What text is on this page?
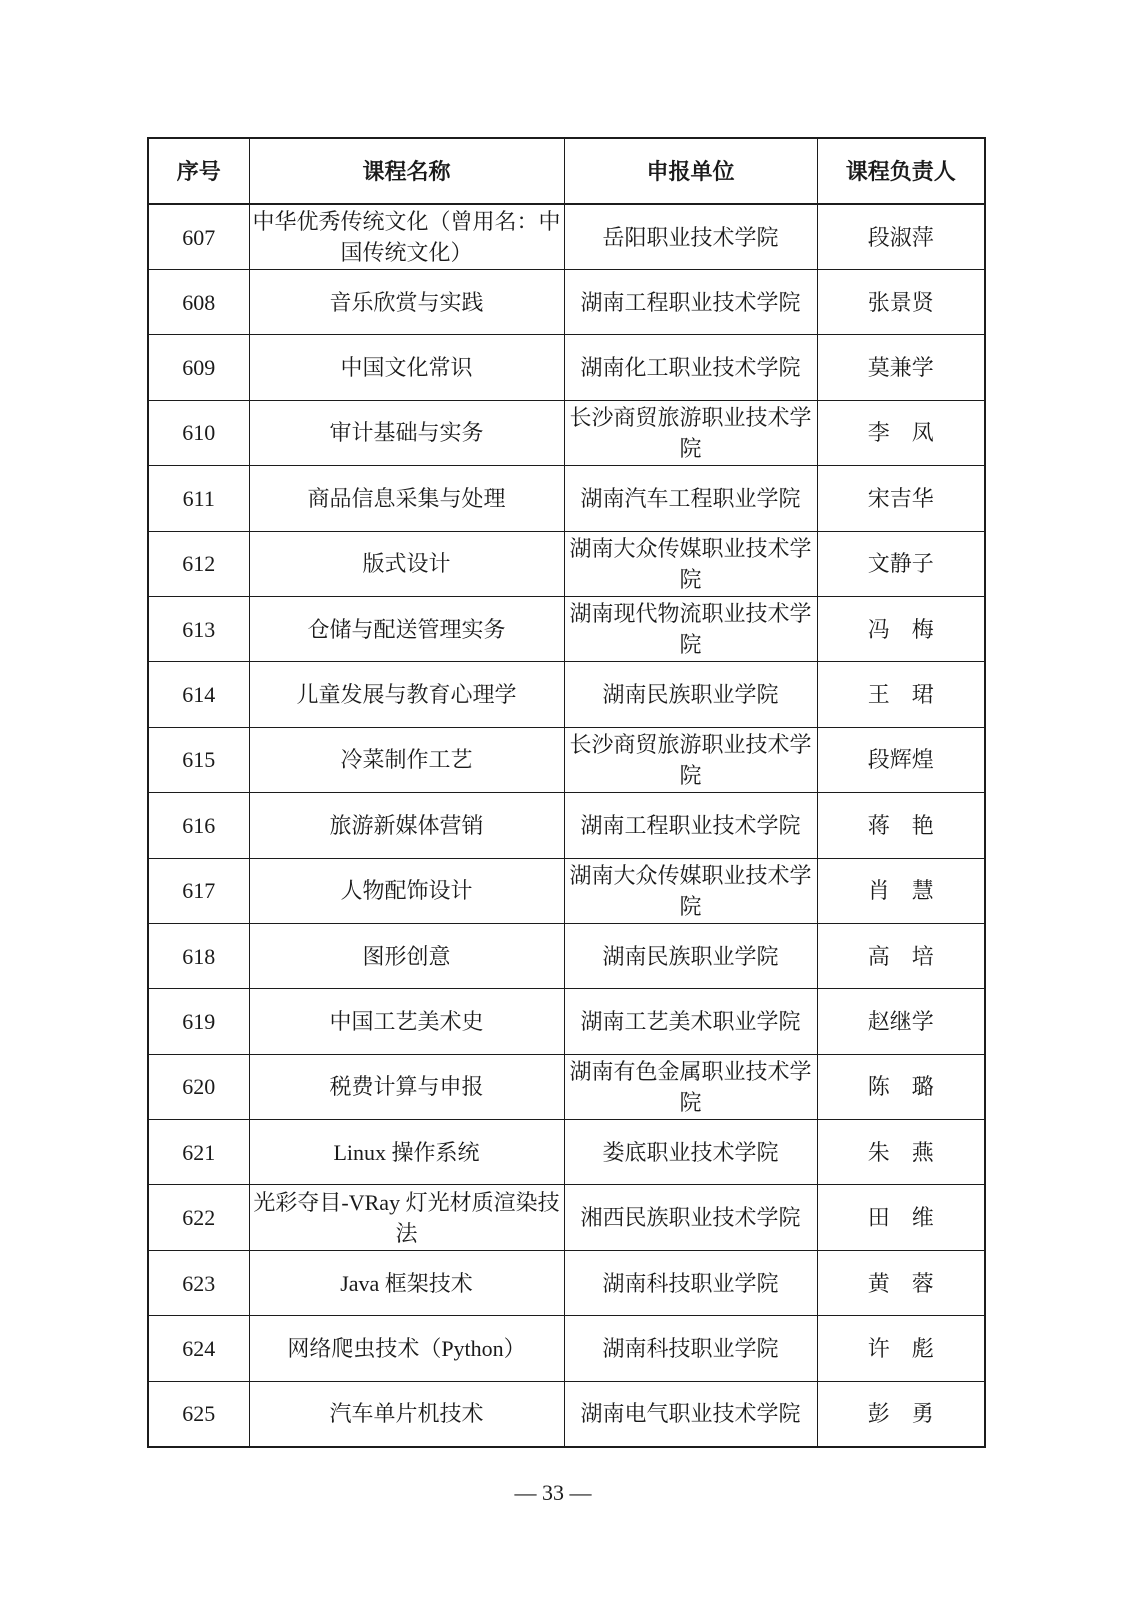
序号	课程名称	申报单位	课程负责人
607	中华优秀传统文化（曾用名：中国传统文化）	岳阳职业技术学院	段淑萍
608	音乐欣赏与实践	湖南工程职业技术学院	张景贤
609	中国文化常识	湖南化工职业技术学院	莫兼学
610	审计基础与实务	长沙商贸旅游职业技术学院	李　凤
611	商品信息采集与处理	湖南汽车工程职业学院	宋吉华
612	版式设计	湖南大众传媒职业技术学院	文静子
613	仓储与配送管理实务	湖南现代物流职业技术学院	冯　梅
614	儿童发展与教育心理学	湖南民族职业学院	王　珺
615	冷菜制作工艺	长沙商贸旅游职业技术学院	段辉煌
616	旅游新媒体营销	湖南工程职业技术学院	蒋　艳
617	人物配饰设计	湖南大众传媒职业技术学院	肖　慧
618	图形创意	湖南民族职业学院	高　培
619	中国工艺美术史	湖南工艺美术职业学院	赵继学
620	税费计算与申报	湖南有色金属职业技术学院	陈　璐
621	Linux 操作系统	娄底职业技术学院	朱　燕
622	光彩夺目-VRay 灯光材质渲染技法	湘西民族职业技术学院	田　维
623	Java 框架技术	湖南科技职业学院	黄　蓉
624	网络爬虫技术（Python）	湖南科技职业学院	许　彪
625	汽车单片机技术	湖南电气职业技术学院	彭　勇
— 33 —
